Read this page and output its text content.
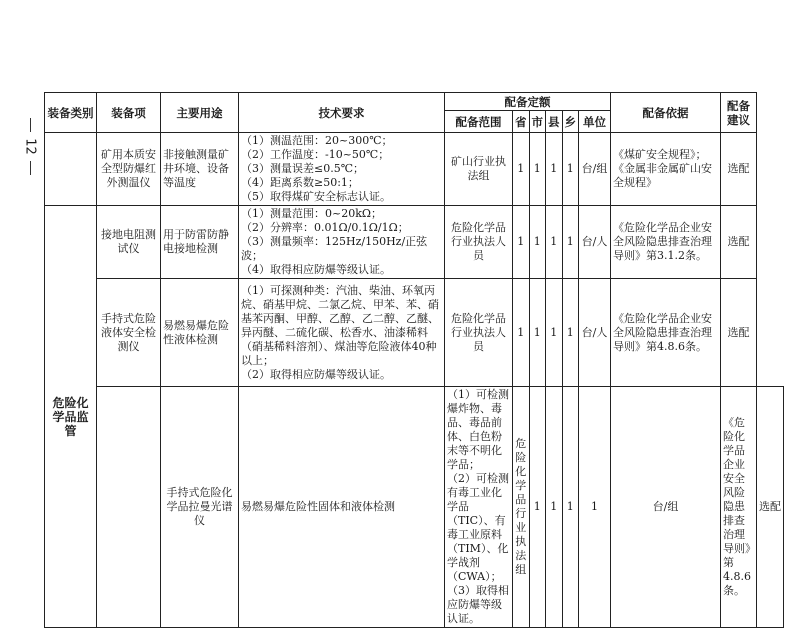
12
装备类别	装备项	主要用途	技术要求	配备定额						配备依据	配备建议	
				配备范围	省	市	县	乡	单位			
	矿用本质安全型防爆红外测温仪	非接触测量矿井环境、设备等温度	（1）测温范围：20~300℃；
（2）工作温度：-10~50℃；
（3）测量误差≤0.5℃；
（4）距离系数≥50:1；
（5）取得煤矿安全标志认证。	矿山行业执法组	1	1	1	1	台/组	《煤矿安全规程》；《金属非金属矿山安全规程》	选配	
危险化学品监管	接地电阻测试仪	用于防雷防静电接地检测	（1）测量范围：0~20kΩ；
（2）分辨率：0.01Ω/0.1Ω/1Ω；
（3）测量频率：125Hz/150Hz/正弦波；
（4）取得相应防爆等级认证。	危险化学品行业执法人员	1	1	1	1	台/人	《危险化学品企业安全风险隐患排查治理导则》第3.1.2条。	选配	
	手持式危险液体安全检测仪	易燃易爆危险性液体检测	（1）可探测种类：汽油、柴油、环氧丙烷、硝基甲烷、二氯乙烷、甲苯、苯、硝基苯丙酮、甲醇、乙醇、乙二醇、乙醚、异丙醚、二硫化碳、松香水、油漆稀料（硝基稀料溶剂）、煤油等危险液体40种以上；
（2）取得相应防爆等级认证。	危险化学品行业执法人员	1	1	1	1	台/人	《危险化学品企业安全风险隐患排查治理导则》第4.8.6条。	选配	
		手持式危险化学品拉曼光谱仪	易燃易爆危险性固体和液体检测	（1）可检测爆炸物、毒品、毒品前体、白色粉末等不明化学品；
（2）可检测有毒工业化学品（TIC）、有毒工业原料（TIM）、化学战剂（CWA）；
（3）取得相应防爆等级认证。	危险化学品行业执法组	1	1	1	1	台/组	《危险化学品企业安全风险隐患排查治理导则》第4.8.6条。	选配
